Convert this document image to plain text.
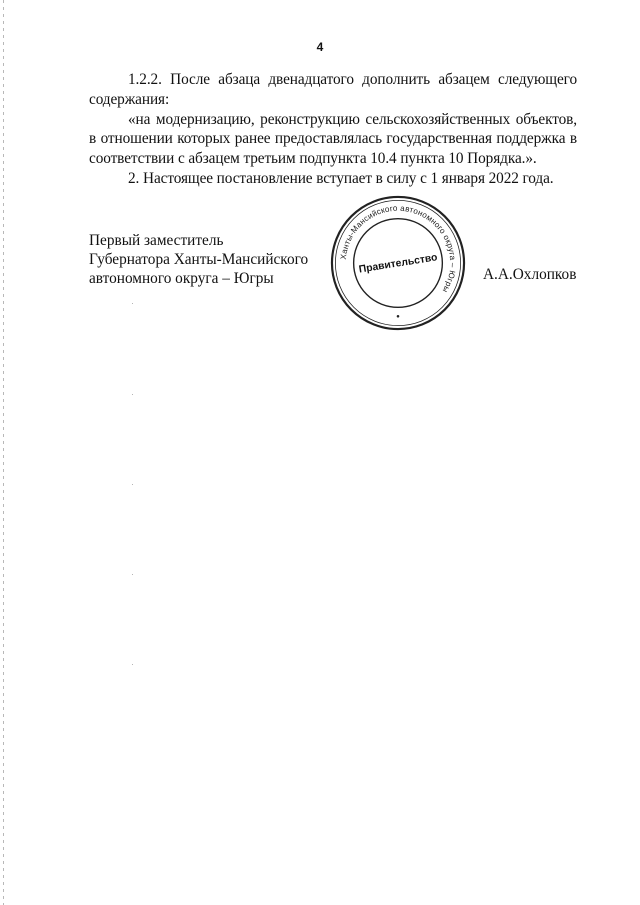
4

1.2.2. После абзаца двенадцатого дополнить абзацем следующего

содержания:

«на модернизацию, реконструкцию сельскохозяйственных объектов,

в отношении которых ранее предоставлялась государственная поддержка в

соответствии с абзацем третьим подпункта 10.4 пункта 10 Порядка.».

2. Настоящее постановление вступает в силу с 1 января 2022 года.

Первый заместитель
Губернатора Ханты-Мансийского
автономного округа – Югры	А.А.Охлопков
Ханты-Мансийского автономного округа – Югры
Правительство
